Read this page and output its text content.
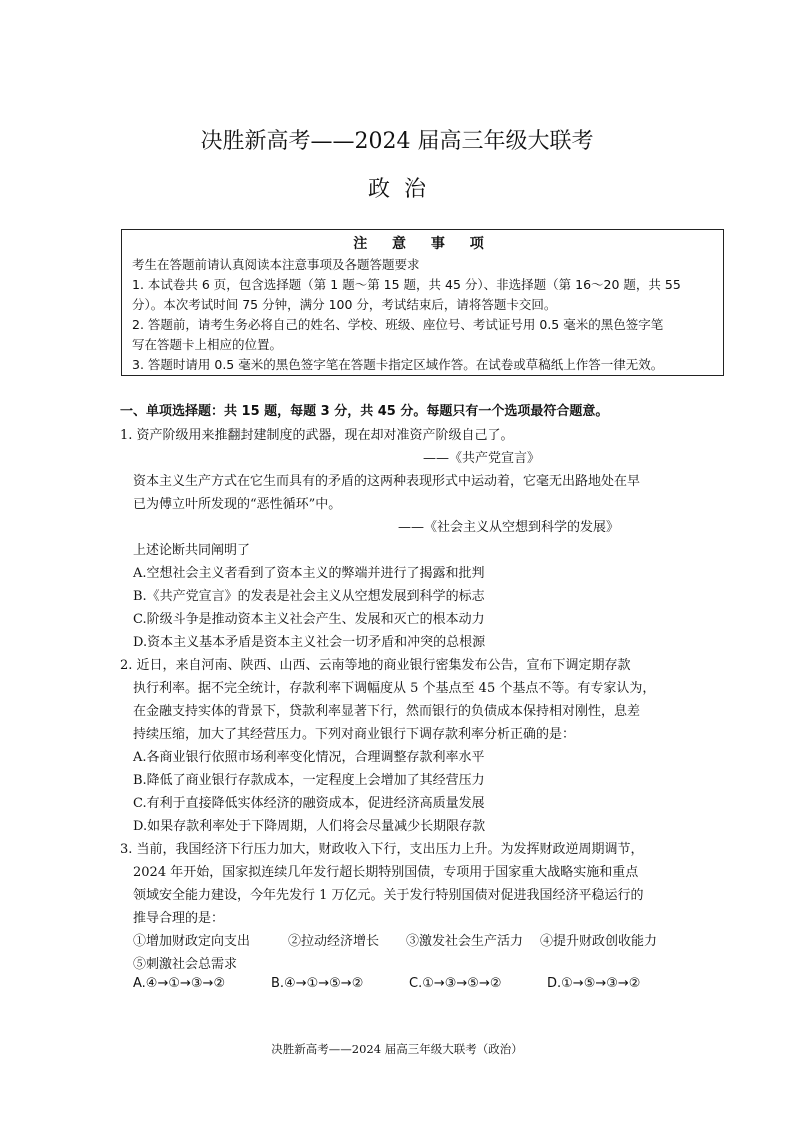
决胜新高考——2024 届高三年级大联考
政治
注 意 事 项

考生在答题前请认真阅读本注意事项及各题答题要求

1. 本试卷共 6 页，包含选择题（第 1 题～第 15 题，共 45 分）、非选择题（第 16～20 题，共 55

分）。本次考试时间 75 分钟，满分 100 分，考试结束后，请将答题卡交回。

2. 答题前，请考生务必将自己的姓名、学校、班级、座位号、考试证号用 0.5 毫米的黑色签字笔

写在答题卡上相应的位置。

3. 答题时请用 0.5 毫米的黑色签字笔在答题卡指定区域作答。在试卷或草稿纸上作答一律无效。

一、单项选择题：共 15 题，每题 3 分，共 45 分。每题只有一个选项最符合题意。
1. 资产阶级用来推翻封建制度的武器，现在却对准资产阶级自己了。
——《共产党宣言》
资本主义生产方式在它生而具有的矛盾的这两种表现形式中运动着，它毫无出路地处在早
已为傅立叶所发现的“恶性循环”中。
——《社会主义从空想到科学的发展》
上述论断共同阐明了
A.空想社会主义者看到了资本主义的弊端并进行了揭露和批判
B.《共产党宣言》的发表是社会主义从空想发展到科学的标志
C.阶级斗争是推动资本主义社会产生、发展和灭亡的根本动力
D.资本主义基本矛盾是资本主义社会一切矛盾和冲突的总根源
2. 近日，来自河南、陕西、山西、云南等地的商业银行密集发布公告，宣布下调定期存款
执行利率。据不完全统计，存款利率下调幅度从 5 个基点至 45 个基点不等。有专家认为，
在金融支持实体的背景下，贷款利率显著下行，然而银行的负债成本保持相对刚性，息差
持续压缩，加大了其经营压力。下列对商业银行下调存款利率分析正确的是：
A.各商业银行依照市场利率变化情况，合理调整存款利率水平
B.降低了商业银行存款成本，一定程度上会增加了其经营压力
C.有利于直接降低实体经济的融资成本，促进经济高质量发展
D.如果存款利率处于下降周期，人们将会尽量减少长期限存款
3. 当前，我国经济下行压力加大，财政收入下行，支出压力上升。为发挥财政逆周期调节，
2024 年开始，国家拟连续几年发行超长期特别国债，专项用于国家重大战略实施和重点
领域安全能力建设，今年先发行 1 万亿元。关于发行特别国债对促进我国经济平稳运行的
推导合理的是：
①增加财政定向支出	②拉动经济增长 ③激发社会生产活力 ④提升财政创收能力
⑤刺激社会总需求
A.④→①→③→②	B.④→①→⑤→②	C.①→③→⑤→②	D.①→⑤→③→②
决胜新高考——2024 届高三年级大联考（政治）
